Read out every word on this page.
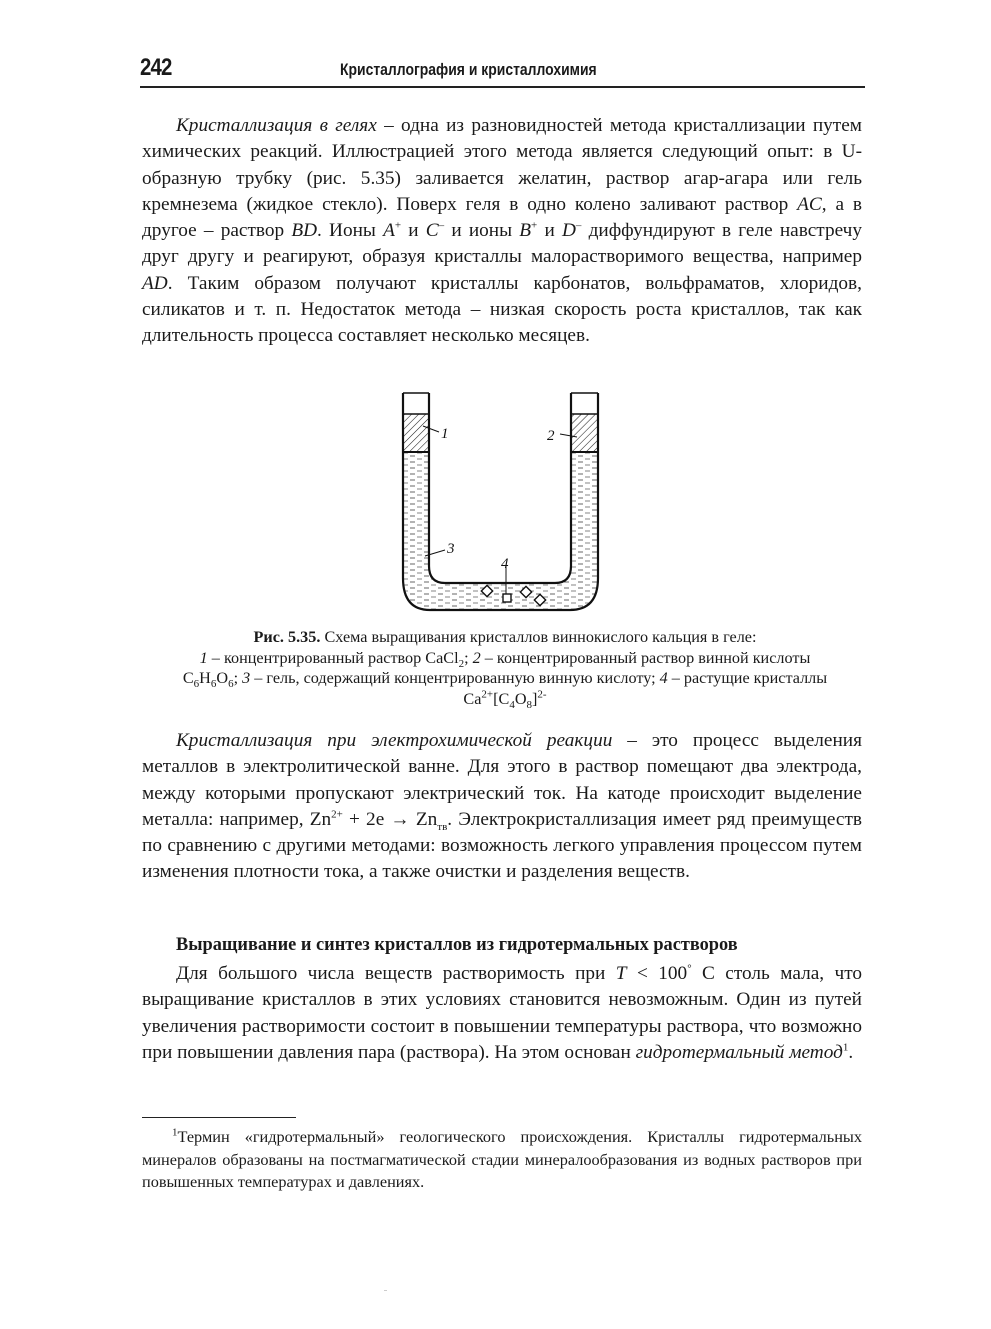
242	Кристаллография и кристаллохимия

Кристаллизация в гелях – одна из разновидностей метода кристаллизации путем химических реакций. Иллюстрацией этого метода является следующий опыт: в U-образную трубку (рис. 5.35) заливается желатин, раствор агар-агара или гель кремнезема (жидкое стекло). Поверх геля в одно колено заливают раствор AC, а в другое – раствор BD. Ионы A+ и C– и ионы B+ и D– диффундируют в геле навстречу друг другу и реагируют, образуя кристаллы малорастворимого вещества, например AD. Таким образом получают кристаллы карбонатов, вольфраматов, хлоридов, силикатов и т. п. Недостаток метода – низкая скорость роста кристаллов, так как длительность процесса составляет несколько месяцев.

1	2
3
4

Рис. 5.35. Схема выращивания кристаллов виннокислого кальция в геле:
1 – концентрированный раствор CaCl$_2$; 2 – концентрированный раствор винной кислоты $C_6H_6O_6$; 3 – гель, содержащий концентрированную винную кислоту; 4 – растущие кристаллы $Ca^{2+}[C_4O_8]^{2-}$

Кристаллизация при электрохимической реакции – это процесс выделения металлов в электролитической ванне. Для этого в раствор помещают два электрода, между которыми пропускают электрический ток. На катоде происходит выделение металла: например, $Zn^{2+} + 2e \to Zn_{тв}$. Электрокристаллизация имеет ряд преимуществ по сравнению с другими методами: возможность легкого управления процессом путем изменения плотности тока, а также очистки и разделения веществ.

Выращивание и синтез кристаллов из гидротермальных растворов

Для большого числа веществ растворимость при T < 100° С столь мала, что выращивание кристаллов в этих условиях становится невозможным. Один из путей увеличения растворимости состоит в повышении температуры раствора, что возможно при повышении давления пара (раствора). На этом основан гидротермальный метод$^1$.

$^1$Термин «гидротермальный» геологического происхождения. Кристаллы гидротермальных минералов образованы на постмагматической стадии минералообразования из водных растворов при повышенных температурах и давлениях.
